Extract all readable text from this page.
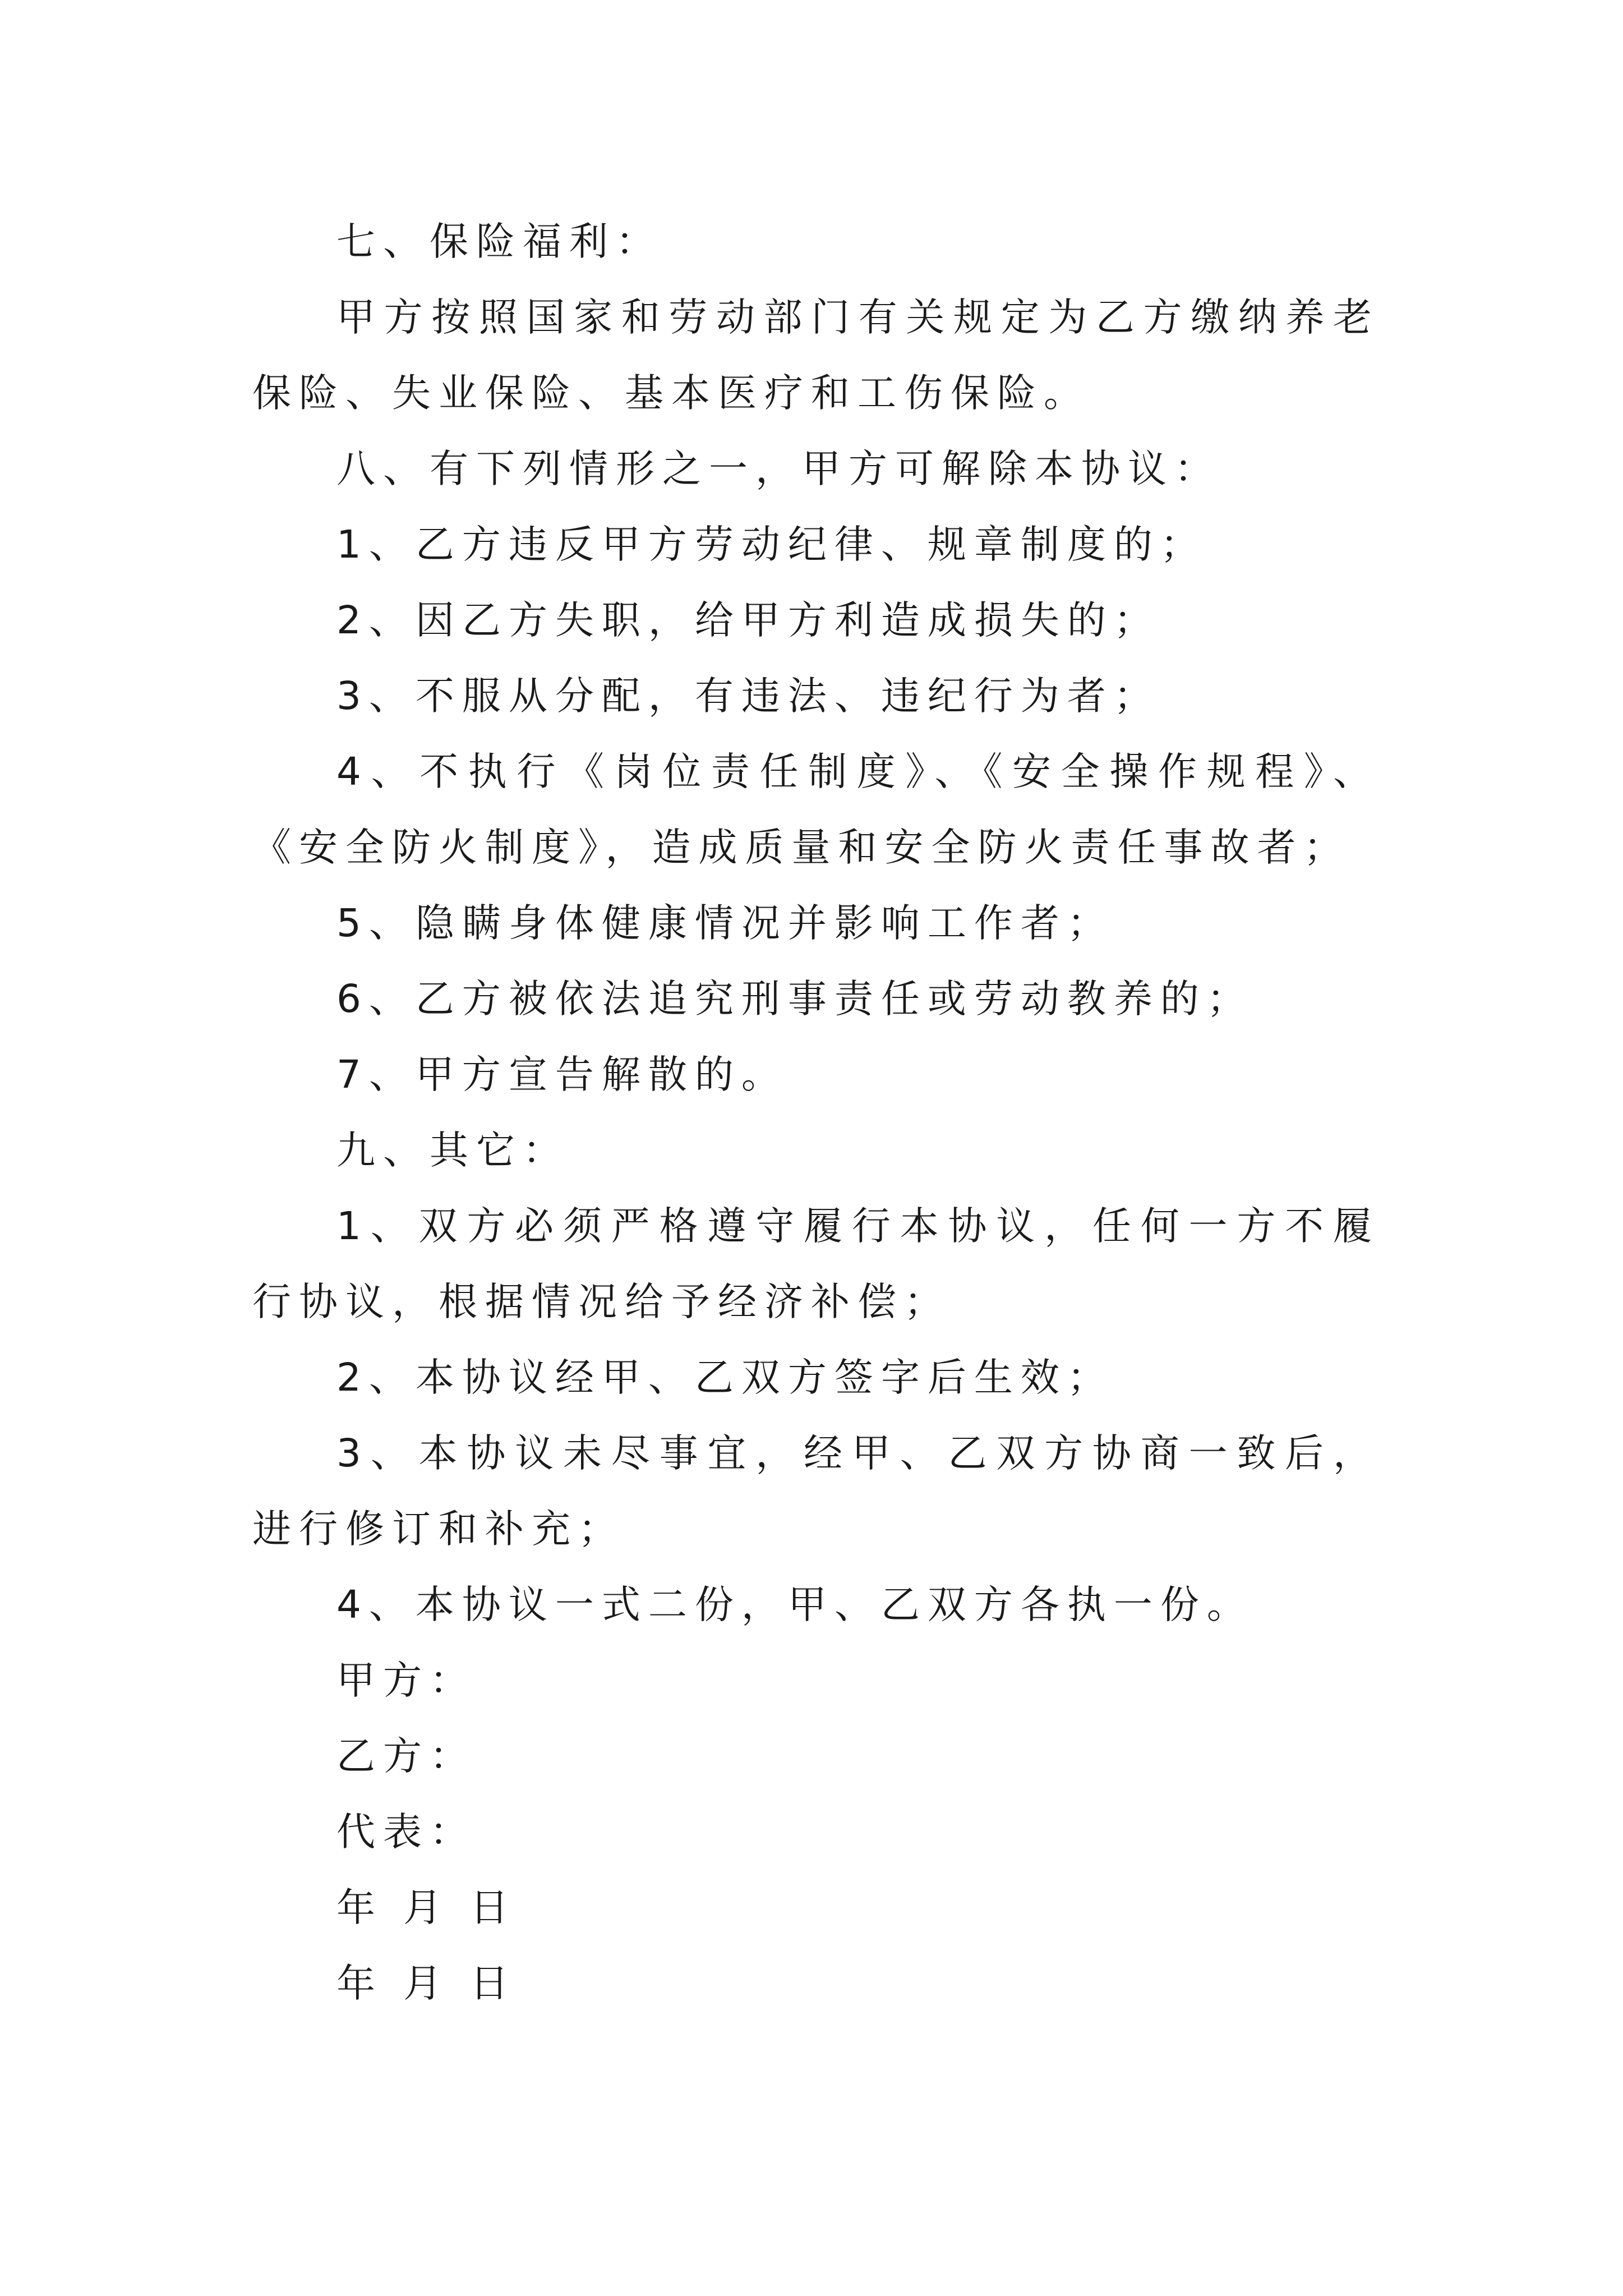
七、保险福利：
甲方按照国家和劳动部门有关规定为乙方缴纳养老保险、失业保险、基本医疗和工伤保险。
八、有下列情形之一，甲方可解除本协议：
1、乙方违反甲方劳动纪律、规章制度的；
2、因乙方失职，给甲方利造成损失的；
3、不服从分配，有违法、违纪行为者；
4、不执行《岗位责任制度》、《安全操作规程》、《安全防火制度》，造成质量和安全防火责任事故者；
5、隐瞒身体健康情况并影响工作者；
6、乙方被依法追究刑事责任或劳动教养的；
7、甲方宣告解散的。
九、其它：
1、双方必须严格遵守履行本协议，任何一方不履行协议，根据情况给予经济补偿；
2、本协议经甲、乙双方签字后生效；
3、本协议未尽事宜，经甲、乙双方协商一致后，进行修订和补充；
4、本协议一式二份，甲、乙双方各执一份。
甲方：
乙方：
代表：
年 月 日
年 月 日
